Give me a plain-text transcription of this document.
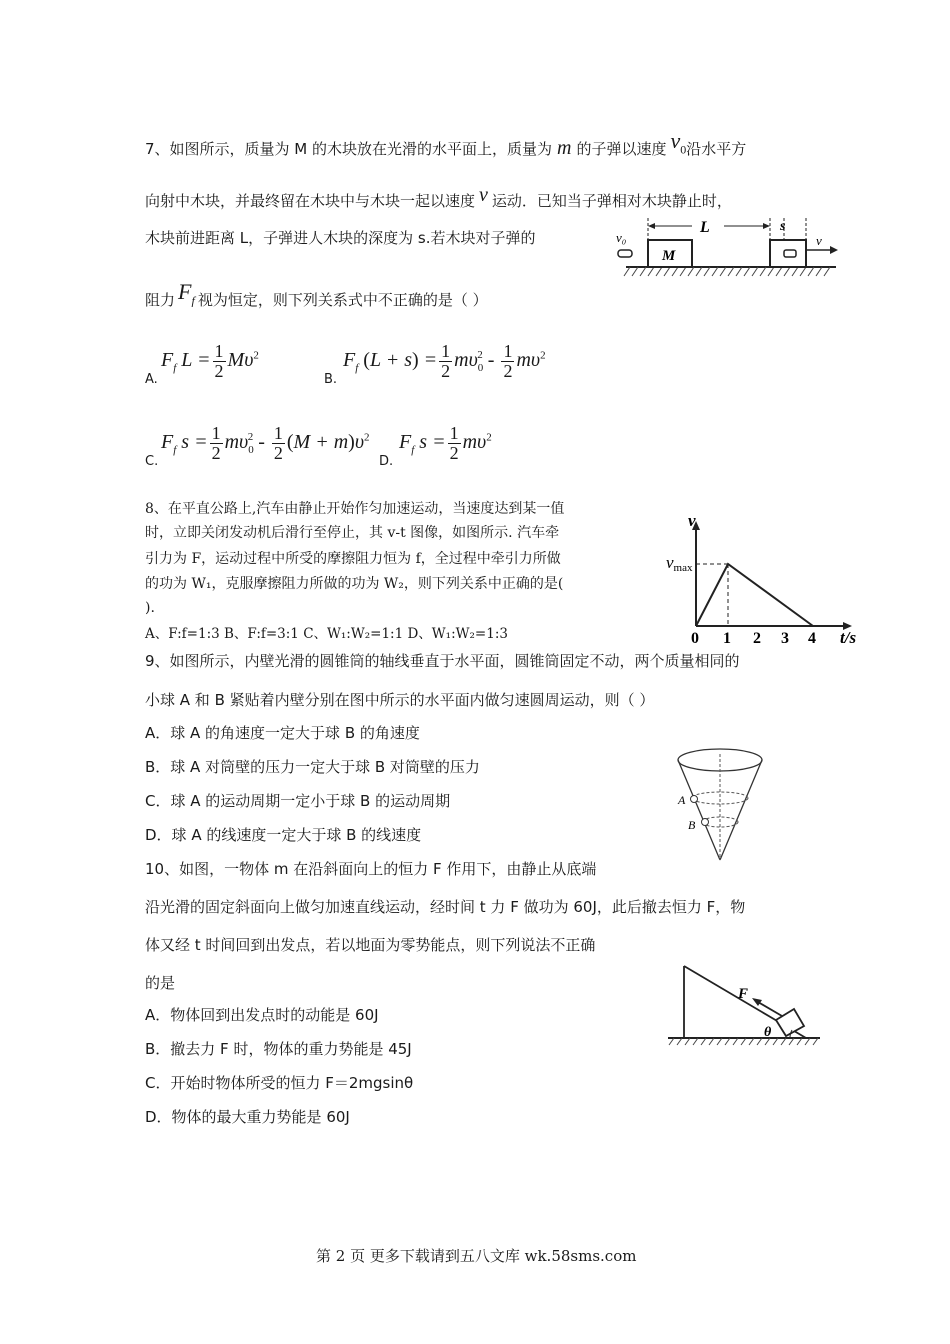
7、如图所示，质量为 M 的木块放在光滑的水平面上，质量为 m 的子弹以速度 $v_0$沿水平方
向射中木块，并最终留在木块中与木块一起以速度 v 运动．已知当子弹相对木块静止时，
木块前进距离 L，子弹进人木块的深度为 s.若木块对子弹的
阻力 $F_f$ 视为恒定，则下列关系式中不正确的是（ ）
v₀
M
L	s
v
A.
$F_f$ $L = \frac{1}{2} M\upsilon^2$
B.
$F_f$ $(L + s) = \frac{1}{2} m\upsilon_0^2 - \frac{1}{2} m\upsilon^2$
C.
$F_f$ $s = \frac{1}{2} m\upsilon_0^2 - \frac{1}{2} (M + m)\upsilon^2$
D.
$F_f$ $s = \frac{1}{2} m\upsilon^2$
8、在平直公路上,汽车由静止开始作匀加速运动，当速度达到某一值
时，立即关闭发动机后滑行至停止，其 v-t 图像，如图所示. 汽车牵
引力为 F，运动过程中所受的摩擦阻力恒为 f，全过程中牵引力所做
的功为 W₁，克服摩擦阻力所做的功为 W₂，则下列关系中正确的是(
).
A、F:f=1:3 B、F:f=3:1 C、W₁:W₂=1:1 D、W₁:W₂=1:3
v
vmax
0 1 2 3 4 t/s
9、如图所示，内壁光滑的圆锥筒的轴线垂直于水平面，圆锥筒固定不动，两个质量相同的
小球 A 和 B 紧贴着内壁分别在图中所示的水平面内做匀速圆周运动，则（ ）
A．球 A 的角速度一定大于球 B 的角速度
B．球 A 对筒壁的压力一定大于球 B 对筒壁的压力
C．球 A 的运动周期一定小于球 B 的运动周期
D．球 A 的线速度一定大于球 B 的线速度
A
B
10、如图，一物体 m 在沿斜面向上的恒力 F 作用下，由静止从底端
沿光滑的固定斜面向上做匀加速直线运动，经时间 t 力 F 做功为 60J，此后撤去恒力 F，物
体又经 t 时间回到出发点，若以地面为零势能点，则下列说法不正确
的是
A．物体回到出发点时的动能是 60J
B．撤去力 F 时，物体的重力势能是 45J
C．开始时物体所受的恒力 F＝2mgsinθ
D．物体的最大重力势能是 60J
F
θ
第 2 页 更多下载请到五八文库 wk.58sms.com
